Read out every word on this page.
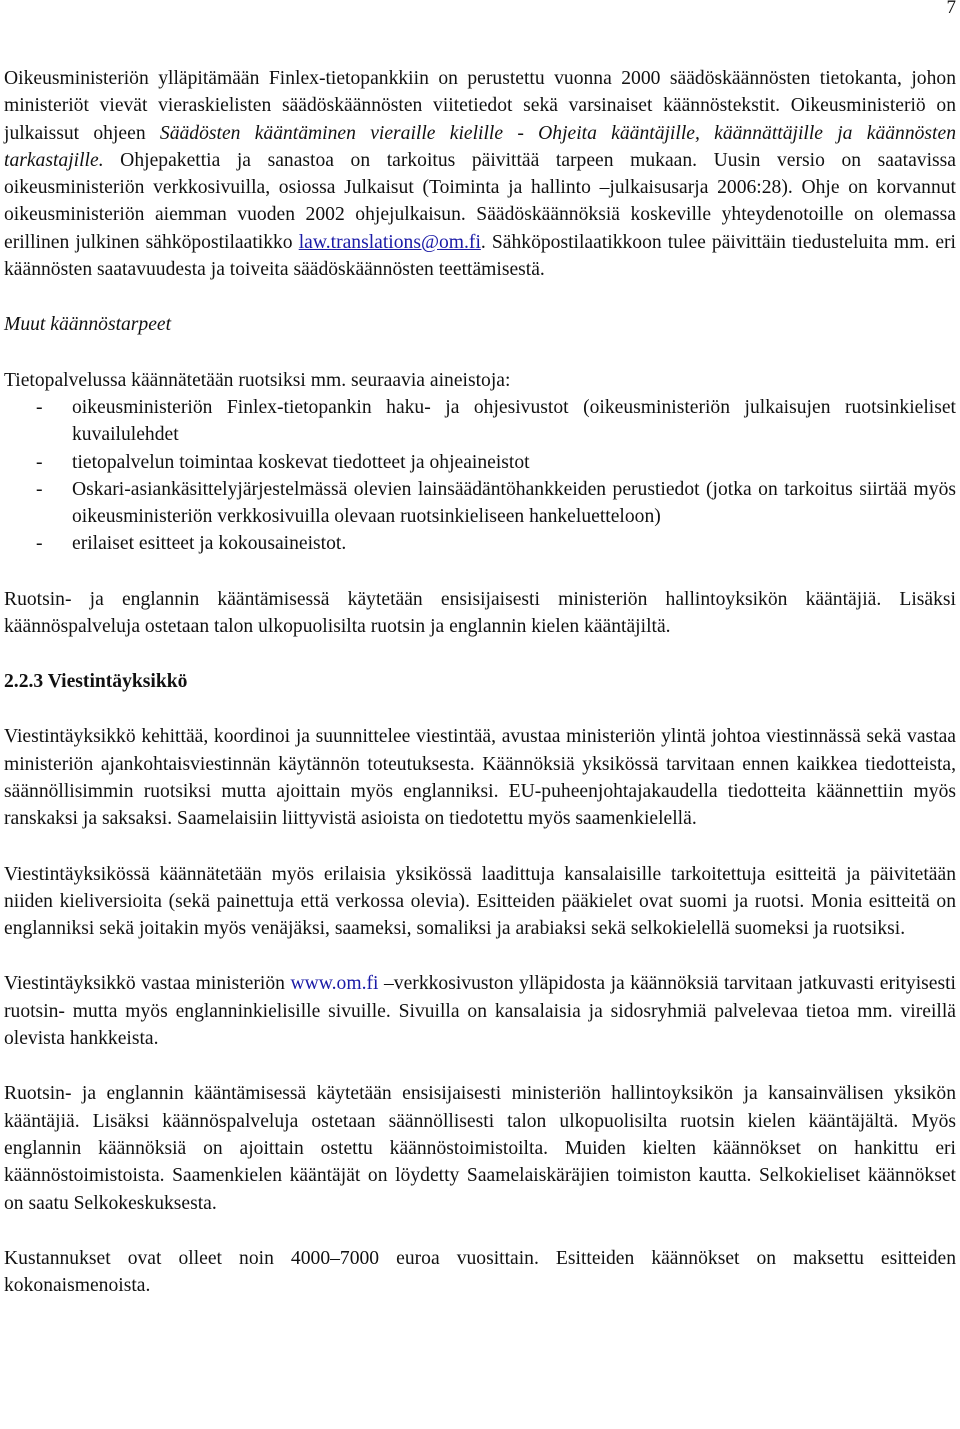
7

Oikeusministeriön ylläpitämään Finlex-tietopankkiin on perustettu vuonna 2000 säädöskäännösten tietokanta, johon ministeriöt vievät vieraskielisten säädöskäännösten viitetiedot sekä varsinaiset käännöstekstit. Oikeusministeriö on julkaissut ohjeen Säädösten kääntäminen vieraille kielille - Ohjeita kääntäjille, käännättäjille ja käännösten tarkastajille. Ohjepakettia ja sanastoa on tarkoitus päivittää tarpeen mukaan. Uusin versio on saatavissa oikeusministeriön verkkosivuilla, osiossa Julkaisut (Toiminta ja hallinto –julkaisusarja 2006:28). Ohje on korvannut oikeusministeriön aiemman vuoden 2002 ohjejulkaisun. Säädöskäännöksiä koskeville yhteydenotoille on olemassa erillinen julkinen sähköpostilaatikko law.translations@om.fi. Sähköpostilaatikkoon tulee päivittäin tiedusteluita mm. eri käännösten saatavuudesta ja toiveita säädöskäännösten teettämisestä.

Muut käännöstarpeet

Tietopalvelussa käännätetään ruotsiksi mm. seuraavia aineistoja:

- oikeusministeriön Finlex-tietopankin haku- ja ohjesivustot (oikeusministeriön julkaisujen ruotsinkieliset kuvailulehdet
- tietopalvelun toimintaa koskevat tiedotteet ja ohjeaineistot
- Oskari-asiankäsittelyjärjestelmässä olevien lainsäädäntöhankkeiden perustiedot (jotka on tarkoitus siirtää myös oikeusministeriön verkkosivuilla olevaan ruotsinkieliseen hankeluetteloon)
- erilaiset esitteet ja kokousaineistot.

Ruotsin- ja englannin kääntämisessä käytetään ensisijaisesti ministeriön hallintoyksikön kääntäjiä. Lisäksi käännöspalveluja ostetaan talon ulkopuolisilta ruotsin ja englannin kielen kääntäjiltä.

2.2.3 Viestintäyksikkö

Viestintäyksikkö kehittää, koordinoi ja suunnittelee viestintää, avustaa ministeriön ylintä johtoa viestinnässä sekä vastaa ministeriön ajankohtaisviestinnän käytännön toteutuksesta. Käännöksiä yksikössä tarvitaan ennen kaikkea tiedotteista, säännöllisimmin ruotsiksi mutta ajoittain myös englanniksi. EU-puheenjohtajakaudella tiedotteita käännettiin myös ranskaksi ja saksaksi. Saamelaisiin liittyvistä asioista on tiedotettu myös saamenkielellä.

Viestintäyksikössä käännätetään myös erilaisia yksikössä laadittuja kansalaisille tarkoitettuja esitteitä ja päivitetään niiden kieliversioita (sekä painettuja että verkossa olevia). Esitteiden pääkielet ovat suomi ja ruotsi. Monia esitteitä on englanniksi sekä joitakin myös venäjäksi, saameksi, somaliksi ja arabiaksi sekä selkokielellä suomeksi ja ruotsiksi.

Viestintäyksikkö vastaa ministeriön www.om.fi –verkkosivuston ylläpidosta ja käännöksiä tarvitaan jatkuvasti erityisesti ruotsin- mutta myös englanninkielisille sivuille. Sivuilla on kansalaisia ja sidosryhmiä palvelevaa tietoa mm. vireillä olevista hankkeista.

Ruotsin- ja englannin kääntämisessä käytetään ensisijaisesti ministeriön hallintoyksikön ja kansainvälisen yksikön kääntäjiä. Lisäksi käännöspalveluja ostetaan säännöllisesti talon ulkopuolisilta ruotsin kielen kääntäjältä. Myös englannin käännöksiä on ajoittain ostettu käännöstoimistoilta. Muiden kielten käännökset on hankittu eri käännöstoimistoista. Saamenkielen kääntäjät on löydetty Saamelaiskäräjien toimiston kautta. Selkokieliset käännökset on saatu Selkokeskuksesta.

Kustannukset ovat olleet noin 4000–7000 euroa vuosittain. Esitteiden käännökset on maksettu esitteiden kokonaismenoista.
